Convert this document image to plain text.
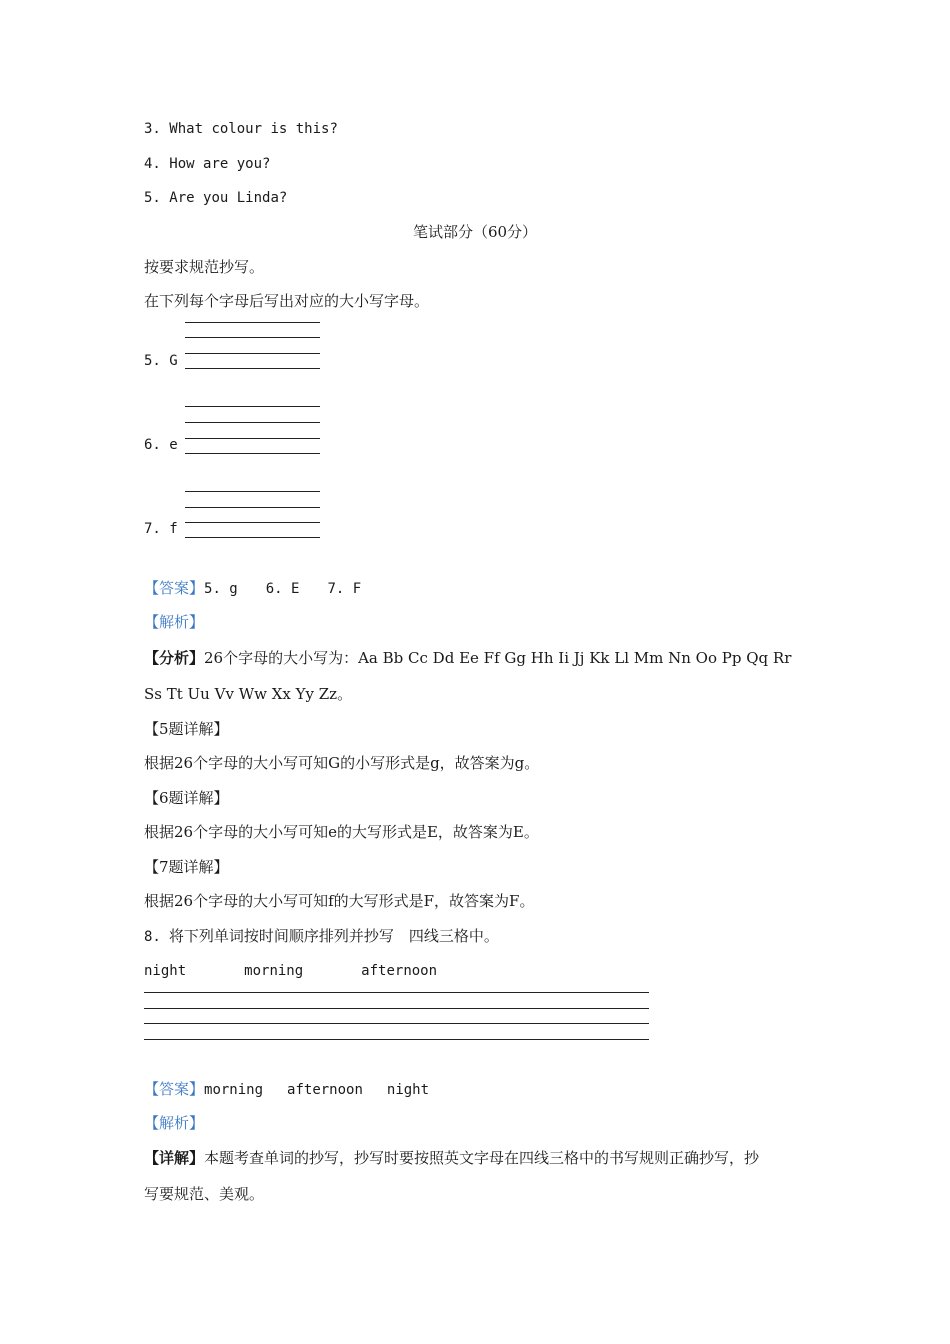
3. What colour is this?
4. How are you?
5. Are you Linda?
笔试部分（60分）
按要求规范抄写。
在下列每个字母后写出对应的大小写字母。
5. G
6. e
7. f
【答案】5. g 6. E 7. F
【解析】
【分析】26个字母的大小写为：Aa Bb Cc Dd Ee Ff Gg Hh Ii Jj Kk Ll Mm Nn Oo Pp Qq Rr
Ss Tt Uu Vv Ww Xx Yy Zz。
【5题详解】
根据26个字母的大小写可知G的小写形式是g，故答案为g。
【6题详解】
根据26个字母的大小写可知e的大写形式是E，故答案为E。
【7题详解】
根据26个字母的大小写可知f的大写形式是F，故答案为F。
8. 将下列单词按时间顺序排列并抄写　四线三格中。
night	morning	afternoon
【答案】morning afternoon night
【解析】
【详解】本题考查单词的抄写，抄写时要按照英文字母在四线三格中的书写规则正确抄写，抄
写要规范、美观。
